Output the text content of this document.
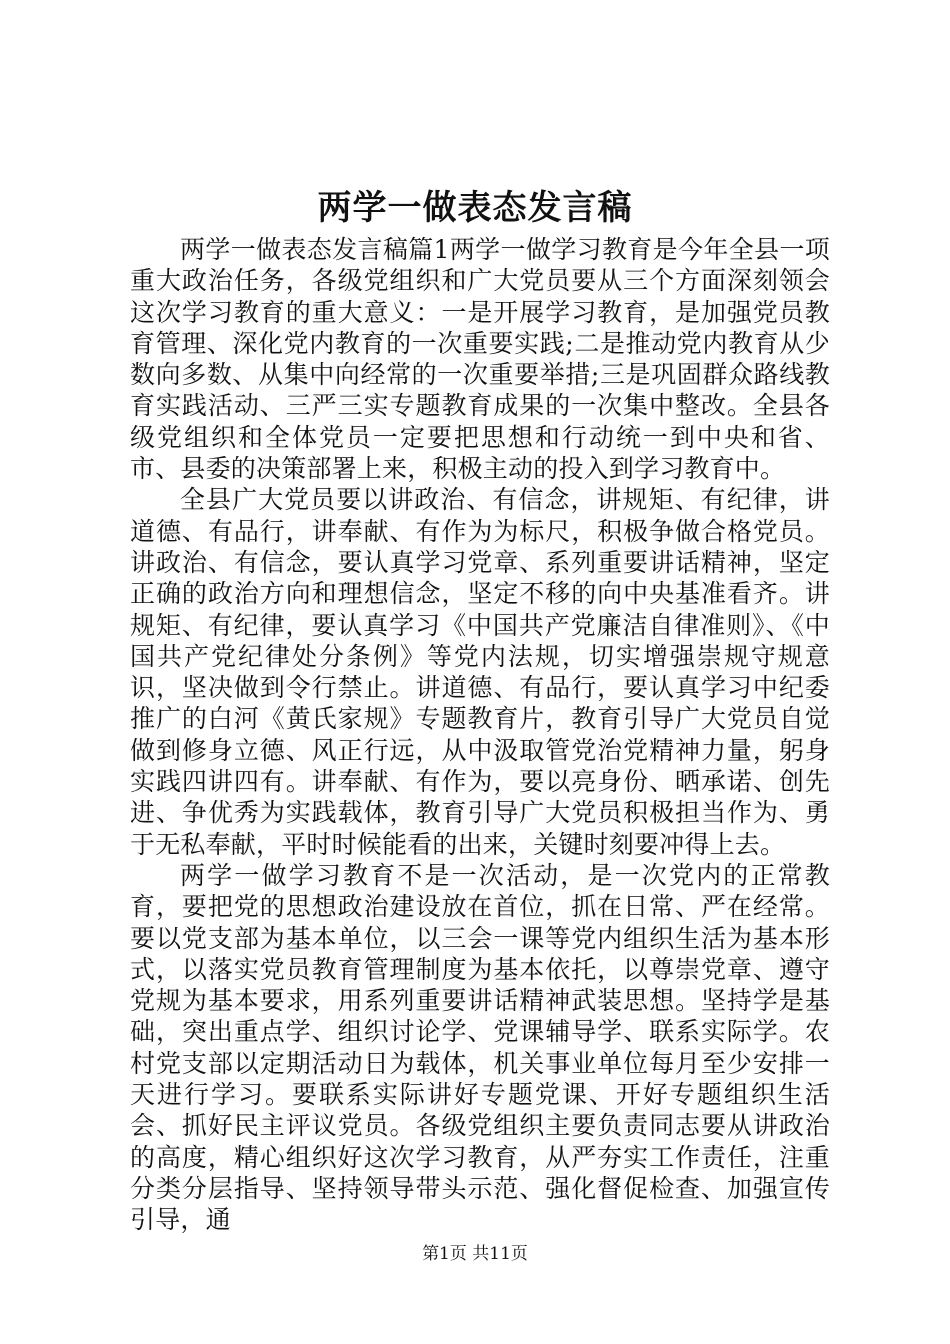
两学一做表态发言稿

两学一做表态发言稿篇1两学一做学习教育是今年全县一项重大政治任务，各级党组织和广大党员要从三个方面深刻领会这次学习教育的重大意义：一是开展学习教育，是加强党员教育管理、深化党内教育的一次重要实践;二是推动党内教育从少数向多数、从集中向经常的一次重要举措;三是巩固群众路线教育实践活动、三严三实专题教育成果的一次集中整改。全县各级党组织和全体党员一定要把思想和行动统一到中央和省、市、县委的决策部署上来，积极主动的投入到学习教育中。

全县广大党员要以讲政治、有信念，讲规矩、有纪律，讲道德、有品行，讲奉献、有作为为标尺，积极争做合格党员。讲政治、有信念，要认真学习党章、系列重要讲话精神，坚定正确的政治方向和理想信念，坚定不移的向中央基准看齐。讲规矩、有纪律，要认真学习《中国共产党廉洁自律准则》、《中国共产党纪律处分条例》等党内法规，切实增强崇规守规意识，坚决做到令行禁止。讲道德、有品行，要认真学习中纪委推广的白河《黄氏家规》专题教育片，教育引导广大党员自觉做到修身立德、风正行远，从中汲取管党治党精神力量，躬身实践四讲四有。讲奉献、有作为，要以亮身份、晒承诺、创先进、争优秀为实践载体，教育引导广大党员积极担当作为、勇于无私奉献，平时时候能看的出来，关键时刻要冲得上去。

两学一做学习教育不是一次活动，是一次党内的正常教育，要把党的思想政治建设放在首位，抓在日常、严在经常。要以党支部为基本单位，以三会一课等党内组织生活为基本形式，以落实党员教育管理制度为基本依托，以尊崇党章、遵守党规为基本要求，用系列重要讲话精神武装思想。坚持学是基础，突出重点学、组织讨论学、党课辅导学、联系实际学。农村党支部以定期活动日为载体，机关事业单位每月至少安排一天进行学习。要联系实际讲好专题党课、开好专题组织生活会、抓好民主评议党员。各级党组织主要负责同志要从讲政治的高度，精心组织好这次学习教育，从严夯实工作责任，注重分类分层指导、坚持领导带头示范、强化督促检查、加强宣传引导，通

第1页 共11页
